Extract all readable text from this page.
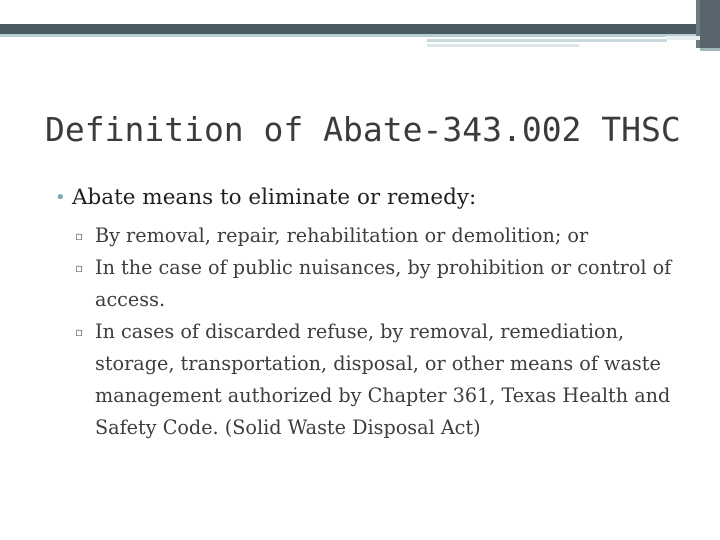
Definition of Abate-343.002 THSC
• Abate means to eliminate or remedy:
▫ By removal, repair, rehabilitation or demolition; or
▫ In the case of public nuisances, by prohibition or control of access.
▫ In cases of discarded refuse, by removal, remediation, storage, transportation, disposal, or other means of waste management authorized by Chapter 361, Texas Health and Safety Code. (Solid Waste Disposal Act)
